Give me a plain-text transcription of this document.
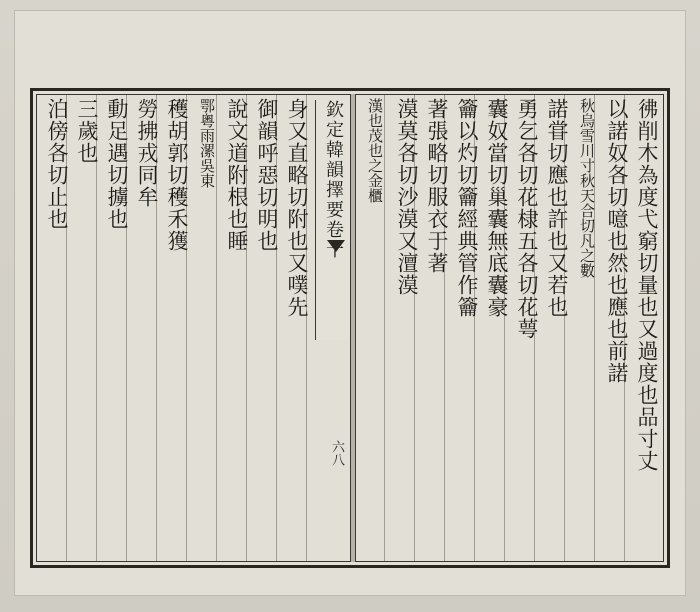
彿削木為度弋窮切量也又過度也品寸丈
以諾奴各切噫也然也應也前諾
秋烏雪川寸秋天合切凡之數
諾甞切應也許也又若也
勇乞各切花棣五各切花萼
囊奴當切巢囊無底囊豪
籥以灼切籥經典管作籥
著張略切服衣于著
漠莫各切沙漠又澶漠
漢也茂也之金櫃
欽定韓韻擇要卷十
六八
身又直略切附也又噗先
御韻呼惡切明也
說文道附根也睡
鄂粵雨漯吳東
穫胡郭切穫禾獲
勞拂戎同牟
動足遇切擄也
三歲也
泊傍各切止也
